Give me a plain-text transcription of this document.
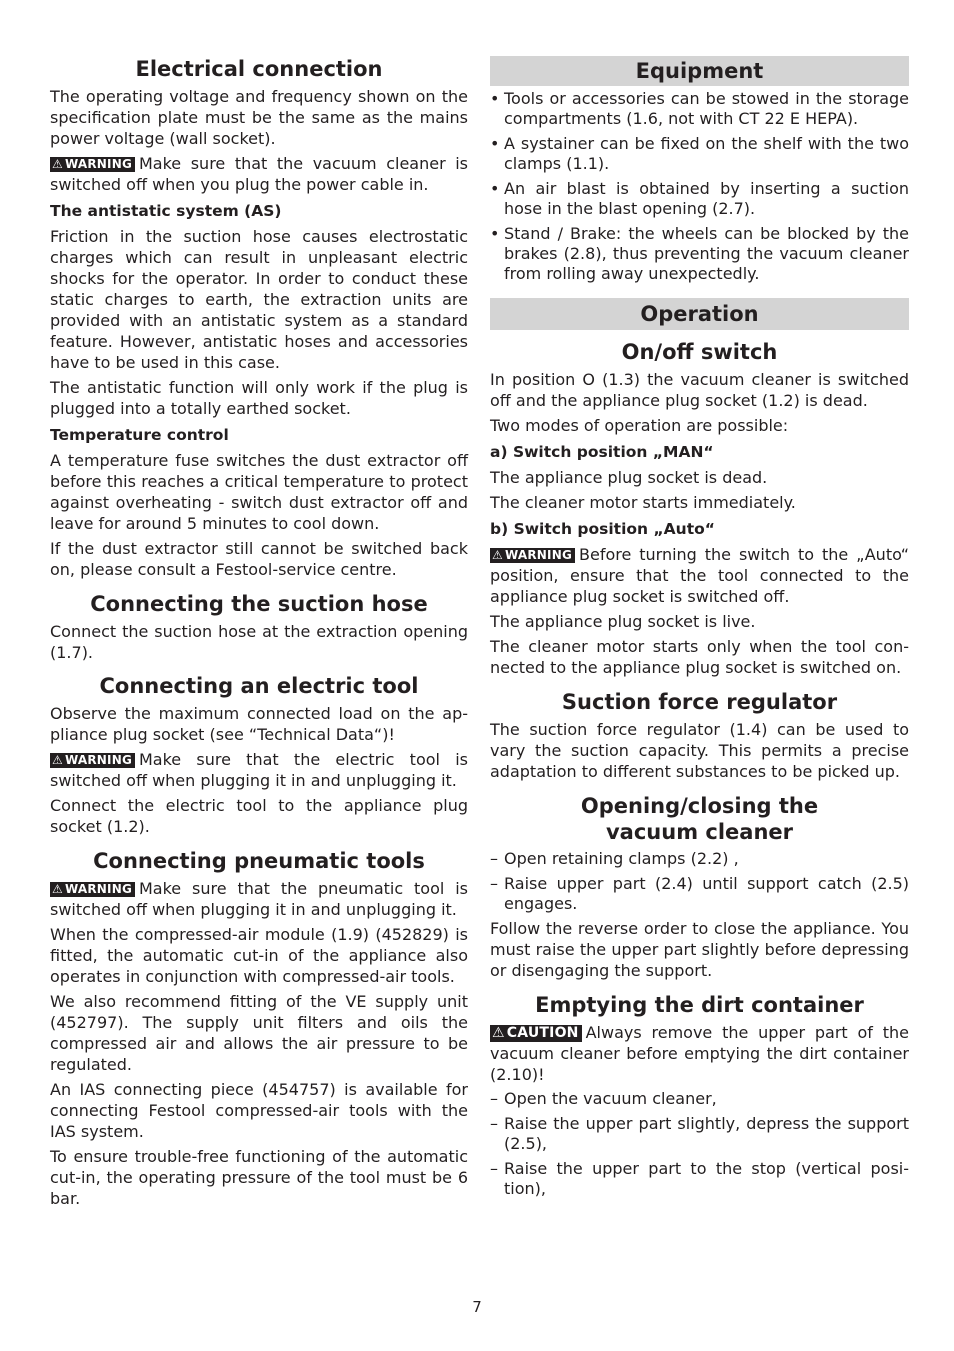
Electrical connection

The operating voltage and frequency shown on the specification plate must be the same as the mains power voltage (wall socket).

⚠ WARNING Make sure that the vacuum cleaner is switched off when you plug the power cable in.

The antistatic system (AS)

Friction in the suction hose causes electrostatic charges which can result in unpleasant electric shocks for the operator. In order to conduct these static charges to earth, the extraction units are provided with an antistatic system as a standard feature. However, antistatic hoses and accessories have to be used in this case.

The antistatic function will only work if the plug is plugged into a totally earthed socket.

Temperature control

A temperature fuse switches the dust extractor off before this reaches a critical temperature to protect against overheating - switch dust extractor off and leave for around 5 minutes to cool down.

If the dust extractor still cannot be switched back on, please consult a Festool-service centre.

Connecting the suction hose

Connect the suction hose at the extraction opening (1.7).

Connecting an electric tool

Observe the maximum connected load on the appliance plug socket (see “Technical Data“)!

⚠ WARNING Make sure that the electric tool is switched off when plugging it in and unplugging it.

Connect the electric tool to the appliance plug socket (1.2).

Connecting pneumatic tools

⚠ WARNING Make sure that the pneumatic tool is switched off when plugging it in and unplugging it.

When the compressed-air module (1.9) (452829) is fitted, the automatic cut-in of the appliance also operates in conjunction with compressed-air tools.

We also recommend fitting of the VE supply unit (452797). The supply unit filters and oils the compressed air and allows the air pressure to be regulated.

An IAS connecting piece (454757) is available for connecting Festool compressed-air tools with the IAS system.

To ensure trouble-free functioning of the automatic cut-in, the operating pressure of the tool must be 6 bar.

Equipment
• Tools or accessories can be stowed in the storage compartments (1.6, not with CT 22 E HEPA).
• A systainer can be fixed on the shelf with the two clamps (1.1).
• An air blast is obtained by inserting a suction hose in the blast opening (2.7).
• Stand / Brake: the wheels can be blocked by the brakes (2.8), thus preventing the vacuum cleaner from rolling away unexpectedly.
Operation
On/off switch

In position O (1.3) the vacuum cleaner is switched off and the appliance plug socket (1.2) is dead.

Two modes of operation are possible:

a) Switch position „MAN“

The appliance plug socket is dead.

The cleaner motor starts immediately.

b) Switch position „Auto“

⚠ WARNING Before turning the switch to the „Auto“ position, ensure that the tool connected to the appliance plug socket is switched off.

The appliance plug socket is live.

The cleaner motor starts only when the tool connected to the appliance plug socket is switched on.

Suction force regulator

The suction force regulator (1.4) can be used to vary the suction capacity. This permits a precise adaptation to different substances to be picked up.

Opening/closing the
vacuum cleaner
– Open retaining clamps (2.2) ,
– Raise upper part (2.4) until support catch (2.5) engages.

Follow the reverse order to close the appliance. You must raise the upper part slightly before depressing or disengaging the support.

Emptying the dirt container

⚠ CAUTION Always remove the upper part of the vacuum cleaner before emptying the dirt container (2.10)!

– Open the vacuum cleaner,
– Raise the upper part slightly, depress the support (2.5),
– Raise the upper part to the stop (vertical position),
7
